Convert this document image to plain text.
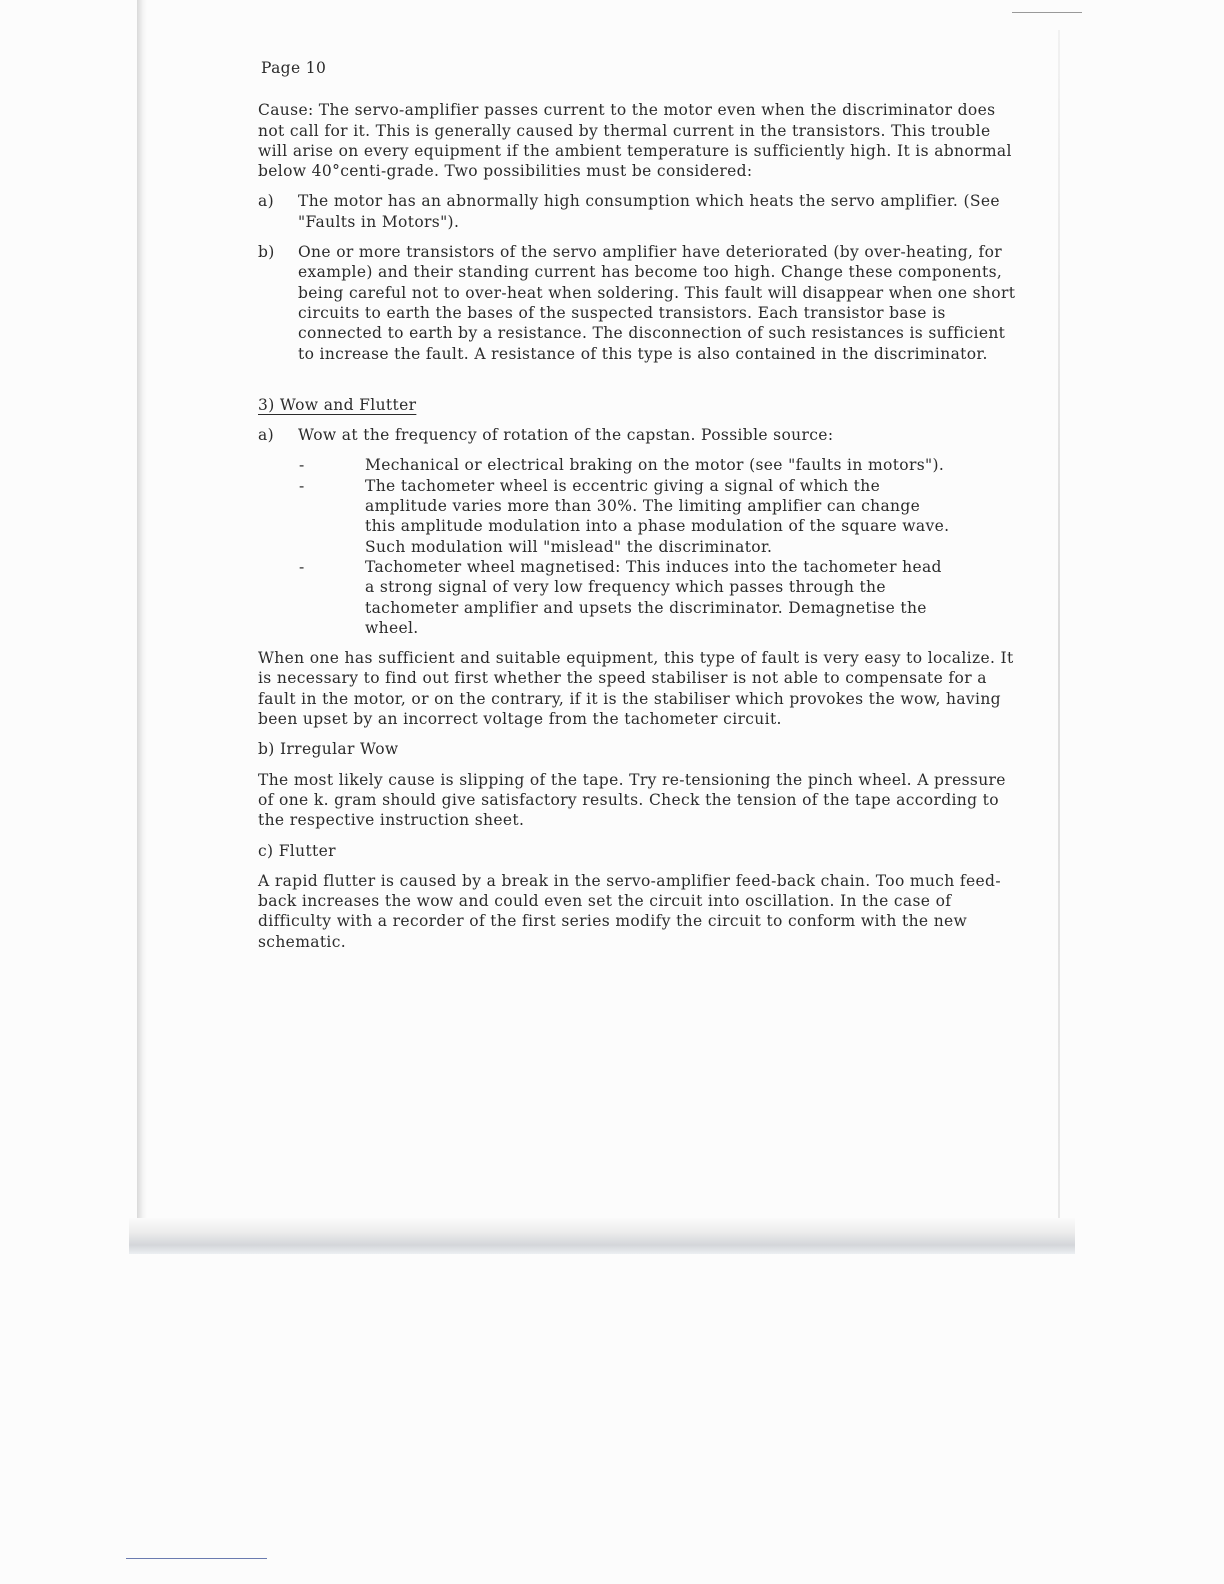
Page 10

Cause: The servo-amplifier passes current to the motor even when the discriminator does not call for it. This is generally caused by thermal current in the transistors. This trouble will arise on every equipment if the ambient temperature is sufficiently high. It is abnormal below 40°centi-grade. Two possibilities must be considered:

a)	The motor has an abnormally high consumption which heats the servo amplifier. (See "Faults in Motors").
b)	One or more transistors of the servo amplifier have deteriorated (by over-heating, for example) and their standing current has become too high. Change these components, being careful not to over-heat when soldering. This fault will disappear when one short circuits to earth the bases of the suspected transistors. Each transistor base is connected to earth by a resistance. The disconnection of such resistances is sufficient to increase the fault. A resistance of this type is also contained in the discriminator.
3) Wow and Flutter
a)	Wow at the frequency of rotation of the capstan. Possible source:
-	Mechanical or electrical braking on the motor (see "faults in motors").
-	The tachometer wheel is eccentric giving a signal of which the amplitude varies more than 30%. The limiting amplifier can change this amplitude modulation into a phase modulation of the square wave. Such modulation will "mislead" the discriminator.
-	Tachometer wheel magnetised: This induces into the tachometer head a strong signal of very low frequency which passes through the tachometer amplifier and upsets the discriminator. Demagnetise the wheel.

When one has sufficient and suitable equipment, this type of fault is very easy to localize. It is necessary to find out first whether the speed stabiliser is not able to compensate for a fault in the motor, or on the contrary, if it is the stabiliser which provokes the wow, having been upset by an incorrect voltage from the tachometer circuit.

b) Irregular Wow

The most likely cause is slipping of the tape. Try re-tensioning the pinch wheel. A pressure of one k. gram should give satisfactory results. Check the tension of the tape according to the respective instruction sheet.

c) Flutter

A rapid flutter is caused by a break in the servo-amplifier feed-back chain. Too much feed-back increases the wow and could even set the circuit into oscillation. In the case of difficulty with a recorder of the first series modify the circuit to conform with the new schematic.
